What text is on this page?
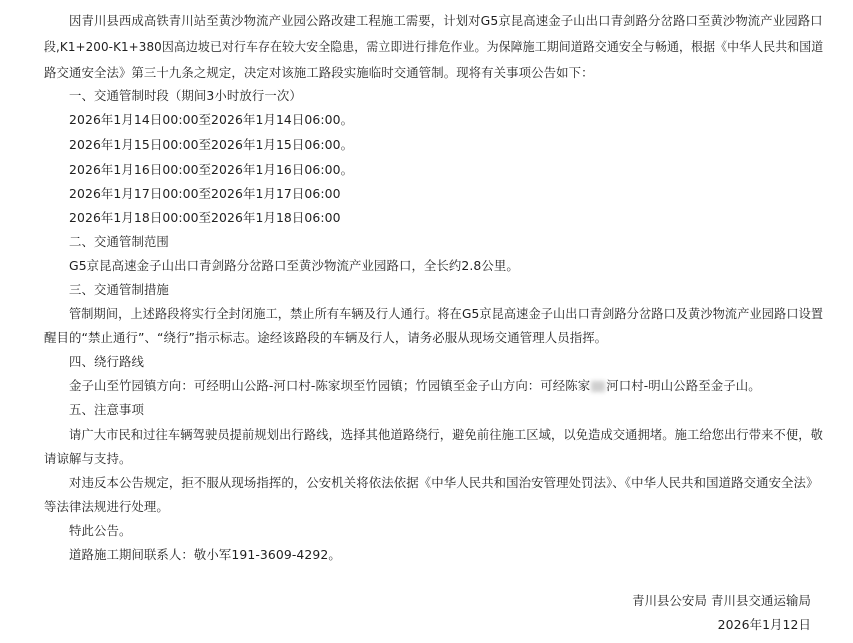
因青川县西成高铁青川站至黄沙物流产业园公路改建工程施工需要，计划对G5京昆高速金子山出口青剑路分岔路口至黄沙物流产业园路口
段,K1+200-K1+380因高边坡已对行车存在较大安全隐患，需立即进行排危作业。为保障施工期间道路交通安全与畅通，根据《中华人民共和国道
路交通安全法》第三十九条之规定，决定对该施工路段实施临时交通管制。现将有关事项公告如下：
一、交通管制时段（期间3小时放行一次）
2026年1月14日00:00至2026年1月14日06:00。
2026年1月15日00:00至2026年1月15日06:00。
2026年1月16日00:00至2026年1月16日06:00。
2026年1月17日00:00至2026年1月17日06:00
2026年1月18日00:00至2026年1月18日06:00
二、交通管制范围
G5京昆高速金子山出口青剑路分岔路口至黄沙物流产业园路口，全长约2.8公里。
三、交通管制措施
管制期间，上述路段将实行全封闭施工，禁止所有车辆及行人通行。将在G5京昆高速金子山出口青剑路分岔路口及黄沙物流产业园路口设置
醒目的“禁止通行”、“绕行”指示标志。途经该路段的车辆及行人，请务必服从现场交通管理人员指挥。
四、绕行路线
金子山至竹园镇方向：可经明山公路-河口村-陈家坝至竹园镇；竹园镇至金子山方向：可经陈家 河口村-明山公路至金子山。
五、注意事项
请广大市民和过往车辆驾驶员提前规划出行路线，选择其他道路绕行，避免前往施工区域，以免造成交通拥堵。施工给您出行带来不便，敬
请谅解与支持。
对违反本公告规定，拒不服从现场指挥的，公安机关将依法依据《中华人民共和国治安管理处罚法》、《中华人民共和国道路交通安全法》
等法律法规进行处理。
特此公告。
道路施工期间联系人：敬小军191-3609-4292。
青川县公安局 青川县交通运输局
2026年1月12日
